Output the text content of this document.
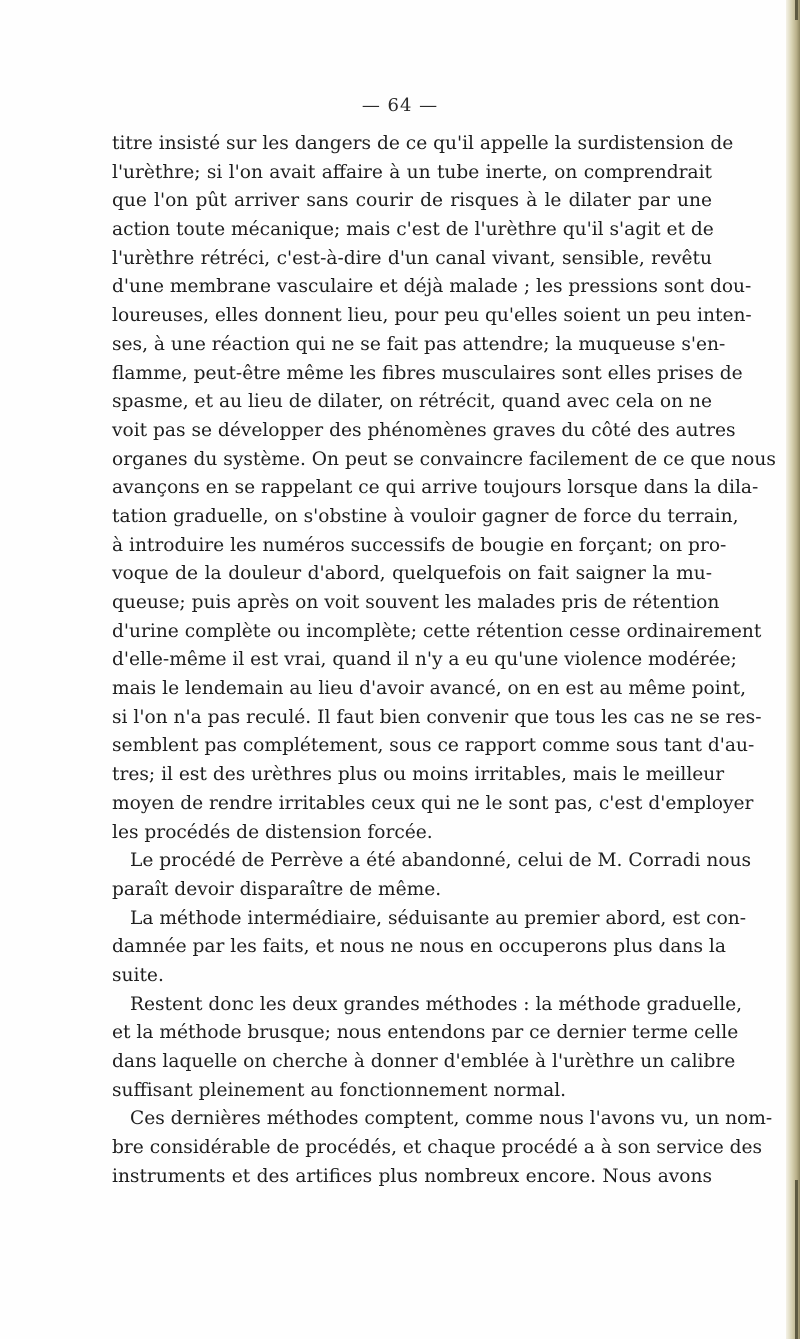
— 64 —
titre insisté sur les dangers de ce qu'il appelle la surdistension de
l'urèthre; si l'on avait affaire à un tube inerte, on comprendrait
que l'on pût arriver sans courir de risques à le dilater par une
action toute mécanique; mais c'est de l'urèthre qu'il s'agit et de
l'urèthre rétréci, c'est-à-dire d'un canal vivant, sensible, revêtu
d'une membrane vasculaire et déjà malade ; les pressions sont dou-
loureuses, elles donnent lieu, pour peu qu'elles soient un peu inten-
ses, à une réaction qui ne se fait pas attendre; la muqueuse s'en-
flamme, peut-être même les fibres musculaires sont elles prises de
spasme, et au lieu de dilater, on rétrécit, quand avec cela on ne
voit pas se développer des phénomènes graves du côté des autres
organes du système. On peut se convaincre facilement de ce que nous
avançons en se rappelant ce qui arrive toujours lorsque dans la dila-
tation graduelle, on s'obstine à vouloir gagner de force du terrain,
à introduire les numéros successifs de bougie en forçant; on pro-
voque de la douleur d'abord, quelquefois on fait saigner la mu-
queuse; puis après on voit souvent les malades pris de rétention
d'urine complète ou incomplète; cette rétention cesse ordinairement
d'elle-même il est vrai, quand il n'y a eu qu'une violence modérée;
mais le lendemain au lieu d'avoir avancé, on en est au même point,
si l'on n'a pas reculé. Il faut bien convenir que tous les cas ne se res-
semblent pas complétement, sous ce rapport comme sous tant d'au-
tres; il est des urèthres plus ou moins irritables, mais le meilleur
moyen de rendre irritables ceux qui ne le sont pas, c'est d'employer
les procédés de distension forcée.
Le procédé de Perrève a été abandonné, celui de M. Corradi nous
paraît devoir disparaître de même.
La méthode intermédiaire, séduisante au premier abord, est con-
damnée par les faits, et nous ne nous en occuperons plus dans la
suite.
Restent donc les deux grandes méthodes : la méthode graduelle,
et la méthode brusque; nous entendons par ce dernier terme celle
dans laquelle on cherche à donner d'emblée à l'urèthre un calibre
suffisant pleinement au fonctionnement normal.
Ces dernières méthodes comptent, comme nous l'avons vu, un nom-
bre considérable de procédés, et chaque procédé a à son service des
instruments et des artifices plus nombreux encore. Nous avons
